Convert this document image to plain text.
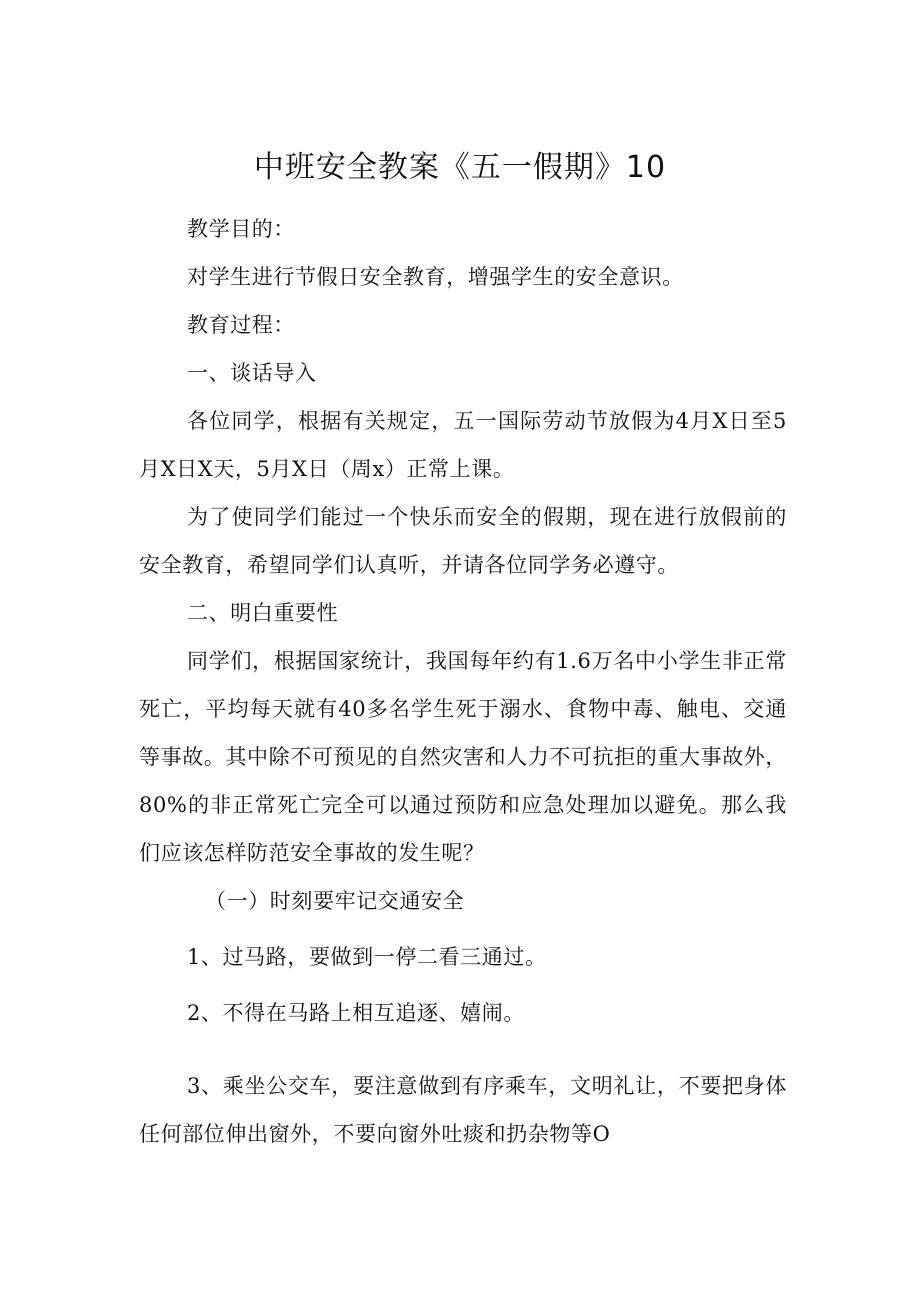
中班安全教案《五一假期》10

教学目的：

对学生进行节假日安全教育，增强学生的安全意识。

教育过程：

一、谈话导入

各位同学，根据有关规定，五一国际劳动节放假为4月X日至5月X日X天，5月X日（周x）正常上课。

为了使同学们能过一个快乐而安全的假期，现在进行放假前的安全教育，希望同学们认真听，并请各位同学务必遵守。

二、明白重要性

同学们，根据国家统计，我国每年约有1.6万名中小学生非正常死亡，平均每天就有40多名学生死于溺水、食物中毒、触电、交通等事故。其中除不可预见的自然灾害和人力不可抗拒的重大事故外，80%的非正常死亡完全可以通过预防和应急处理加以避免。那么我们应该怎样防范安全事故的发生呢？

（一）时刻要牢记交通安全

1、过马路，要做到一停二看三通过。

2、不得在马路上相互追逐、嬉闹。

3、乘坐公交车，要注意做到有序乘车，文明礼让，不要把身体任何部位伸出窗外，不要向窗外吐痰和扔杂物等O
